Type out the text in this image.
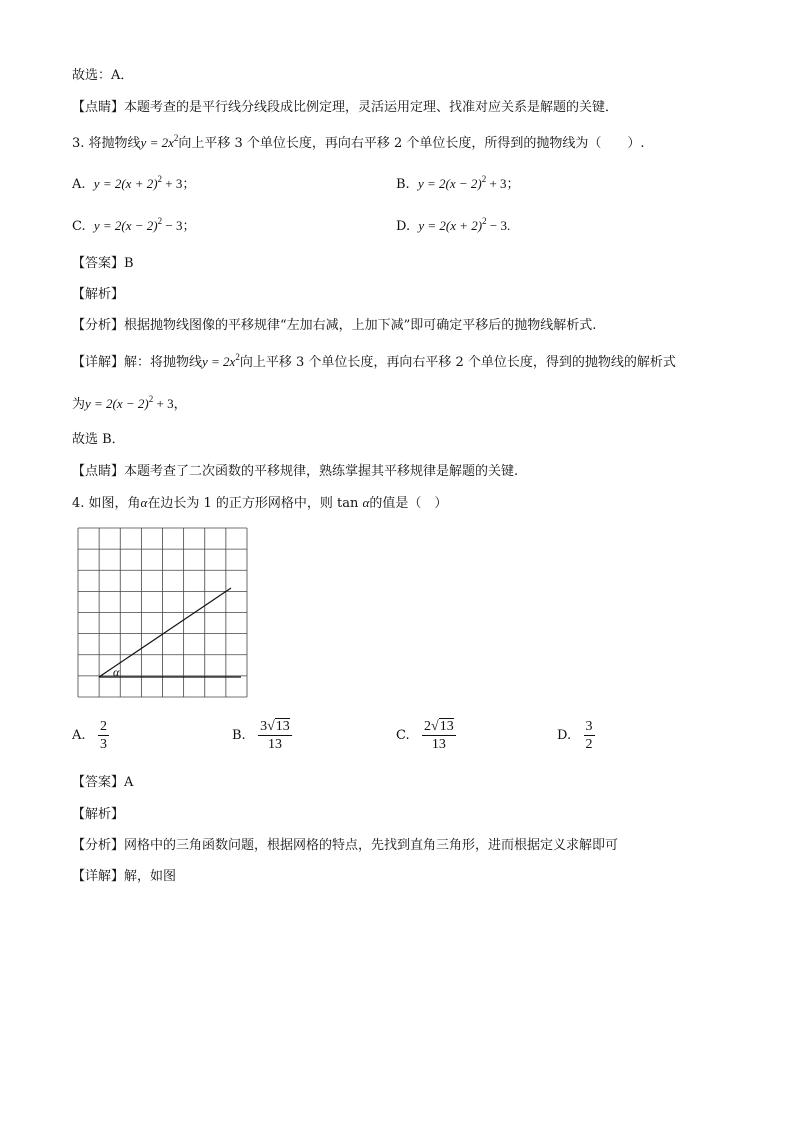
故选：A．
【点睛】本题考查的是平行线分线段成比例定理，灵活运用定理、找准对应关系是解题的关键．
3. 将抛物线$y = 2x^2$向上平移 3 个单位长度，再向右平移 2 个单位长度，所得到的抛物线为（　　）.
A. $y = 2(x + 2)^2 + 3$；	B. $y = 2(x - 2)^2 + 3$；
C. $y = 2(x - 2)^2 - 3$；	D. $y = 2(x + 2)^2 - 3$.
【答案】B
【解析】
【分析】根据抛物线图像的平移规律“左加右减，上加下减”即可确定平移后的抛物线解析式.
【详解】解：将抛物线$y = 2x^2$向上平移 3 个单位长度，再向右平移 2 个单位长度，得到的抛物线的解析式
为$y = 2(x - 2)^2 + 3$，
故选 B．
【点睛】本题考查了二次函数的平移规律，熟练掌握其平移规律是解题的关键.
4. 如图，角α在边长为 1 的正方形网格中，则 tan α的值是（　）
α
A. $\frac{2}{3}$	B. $\frac{3√13}{13}$	C. $\frac{2√13}{13}$	D. $\frac{3}{2}$
【答案】A
【解析】
【分析】网格中的三角函数问题，根据网格的特点，先找到直角三角形，进而根据定义求解即可
【详解】解，如图
